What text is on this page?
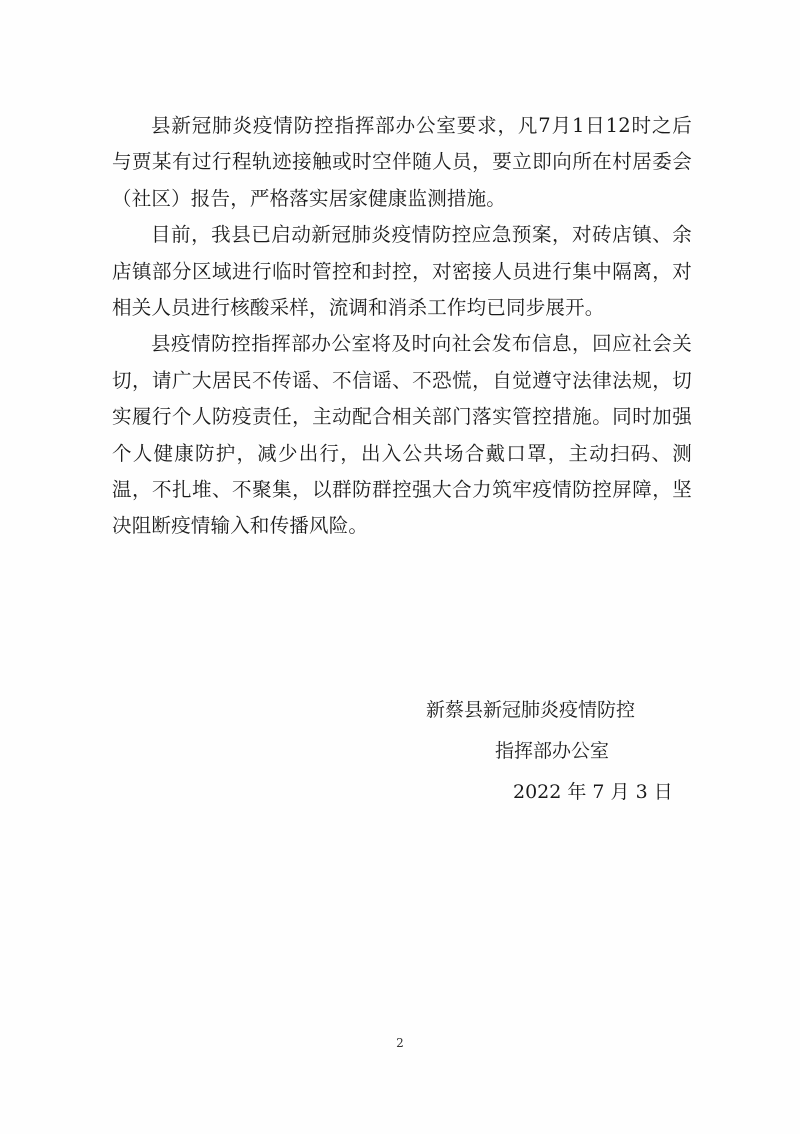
县新冠肺炎疫情防控指挥部办公室要求，凡7月1日12时之后与贾某有过行程轨迹接触或时空伴随人员，要立即向所在村居委会（社区）报告，严格落实居家健康监测措施。

目前，我县已启动新冠肺炎疫情防控应急预案，对砖店镇、余店镇部分区域进行临时管控和封控，对密接人员进行集中隔离，对相关人员进行核酸采样，流调和消杀工作均已同步展开。

县疫情防控指挥部办公室将及时向社会发布信息，回应社会关切，请广大居民不传谣、不信谣、不恐慌，自觉遵守法律法规，切实履行个人防疫责任，主动配合相关部门落实管控措施。同时加强个人健康防护，减少出行，出入公共场合戴口罩，主动扫码、测温，不扎堆、不聚集，以群防群控强大合力筑牢疫情防控屏障，坚决阻断疫情输入和传播风险。

新蔡县新冠肺炎疫情防控

指挥部办公室

2022 年 7 月 3 日

2
